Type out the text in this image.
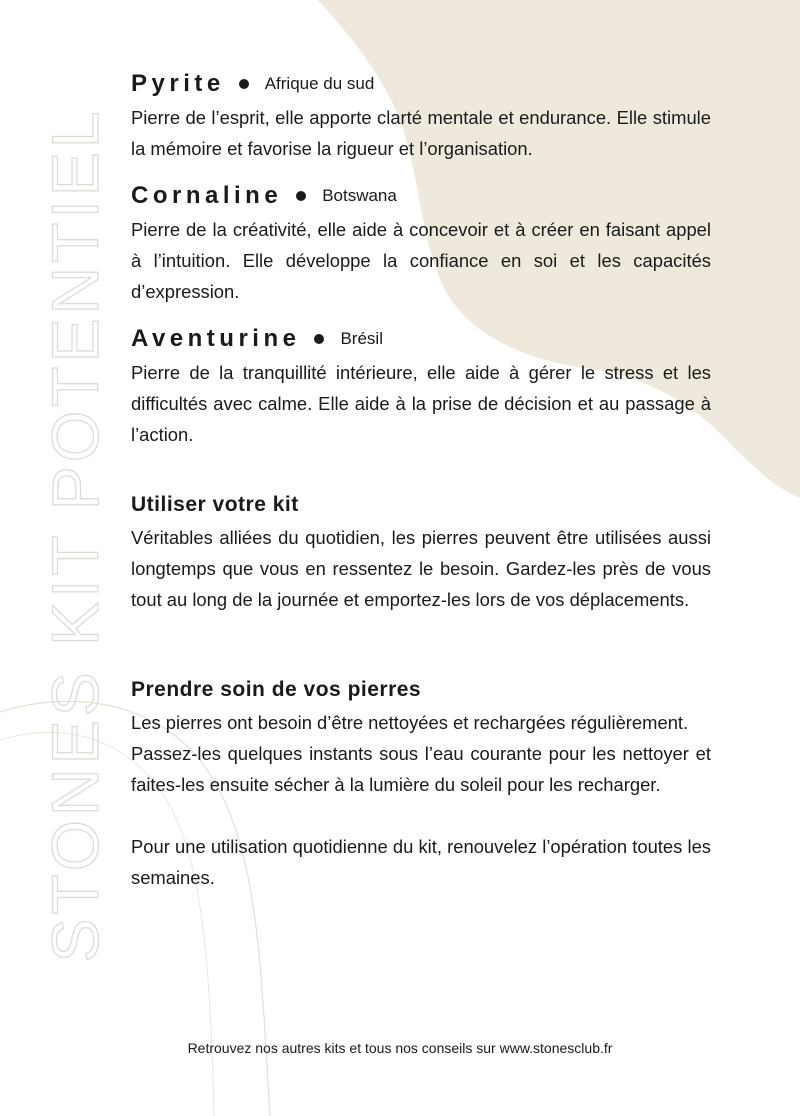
STONES KIT POTENTIEL
Pyrite Afrique du sud

Pierre de l’esprit, elle apporte clarté mentale et endurance. Elle stimule la mémoire et favorise la rigueur et l’organisation.

Cornaline Botswana

Pierre de la créativité, elle aide à concevoir et à créer en faisant appel à l’intuition. Elle développe la confiance en soi et les capacités d’expression.

Aventurine Brésil

Pierre de la tranquillité intérieure, elle aide à gérer le stress et les difficultés avec calme. Elle aide à la prise de décision et au passage à l’action.

Utiliser votre kit

Véritables alliées du quotidien, les pierres peuvent être utilisées aussi longtemps que vous en ressentez le besoin. Gardez-les près de vous tout au long de la journée et emportez-les lors de vos déplacements.

Prendre soin de vos pierres

Les pierres ont besoin d’être nettoyées et rechargées régulièrement.

Passez-les quelques instants sous l’eau courante pour les nettoyer et faites-les ensuite sécher à la lumière du soleil pour les recharger.

Pour une utilisation quotidienne du kit, renouvelez l’opération toutes les semaines.

Retrouvez nos autres kits et tous nos conseils sur www.stonesclub.fr
